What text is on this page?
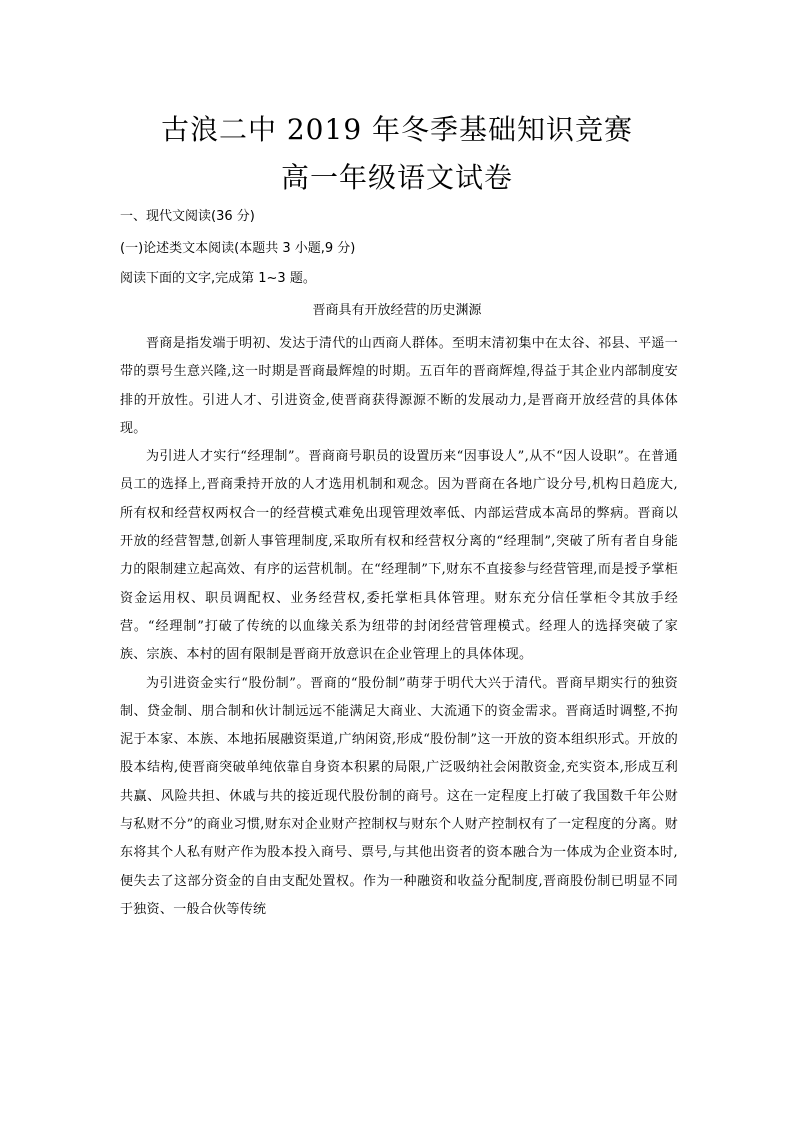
古浪二中 2019 年冬季基础知识竞赛
高一年级语文试卷
一、现代文阅读(36 分)
(一)论述类文本阅读(本题共 3 小题,9 分)
阅读下面的文字,完成第 1~3 题。
晋商具有开放经营的历史渊源

晋商是指发端于明初、发达于清代的山西商人群体。至明末清初集中在太谷、祁县、平遥一带的票号生意兴隆,这一时期是晋商最辉煌的时期。五百年的晋商辉煌,得益于其企业内部制度安排的开放性。引进人才、引进资金,使晋商获得源源不断的发展动力,是晋商开放经营的具体体现。

为引进人才实行“经理制”。晋商商号职员的设置历来“因事设人”,从不“因人设职”。在普通员工的选择上,晋商秉持开放的人才选用机制和观念。因为晋商在各地广设分号,机构日趋庞大,所有权和经营权两权合一的经营模式难免出现管理效率低、内部运营成本高昂的弊病。晋商以开放的经营智慧,创新人事管理制度,采取所有权和经营权分离的“经理制”,突破了所有者自身能力的限制建立起高效、有序的运营机制。在“经理制”下,财东不直接参与经营管理,而是授予掌柜资金运用权、职员调配权、业务经营权,委托掌柜具体管理。财东充分信任掌柜令其放手经营。“经理制”打破了传统的以血缘关系为纽带的封闭经营管理模式。经理人的选择突破了家族、宗族、本村的固有限制是晋商开放意识在企业管理上的具体体现。

为引进资金实行“股份制”。晋商的“股份制”萌芽于明代大兴于清代。晋商早期实行的独资制、贷金制、朋合制和伙计制远远不能满足大商业、大流通下的资金需求。晋商适时调整,不拘泥于本家、本族、本地拓展融资渠道,广纳闲资,形成“股份制”这一开放的资本组织形式。开放的股本结构,使晋商突破单纯依靠自身资本积累的局限,广泛吸纳社会闲散资金,充实资本,形成互利共赢、风险共担、休戚与共的接近现代股份制的商号。这在一定程度上打破了我国数千年公财与私财不分”的商业习惯,财东对企业财产控制权与财东个人财产控制权有了一定程度的分离。财东将其个人私有财产作为股本投入商号、票号,与其他出资者的资本融合为一体成为企业资本时,便失去了这部分资金的自由支配处置权。作为一种融资和收益分配制度,晋商股份制已明显不同于独资、一般合伙等传统
